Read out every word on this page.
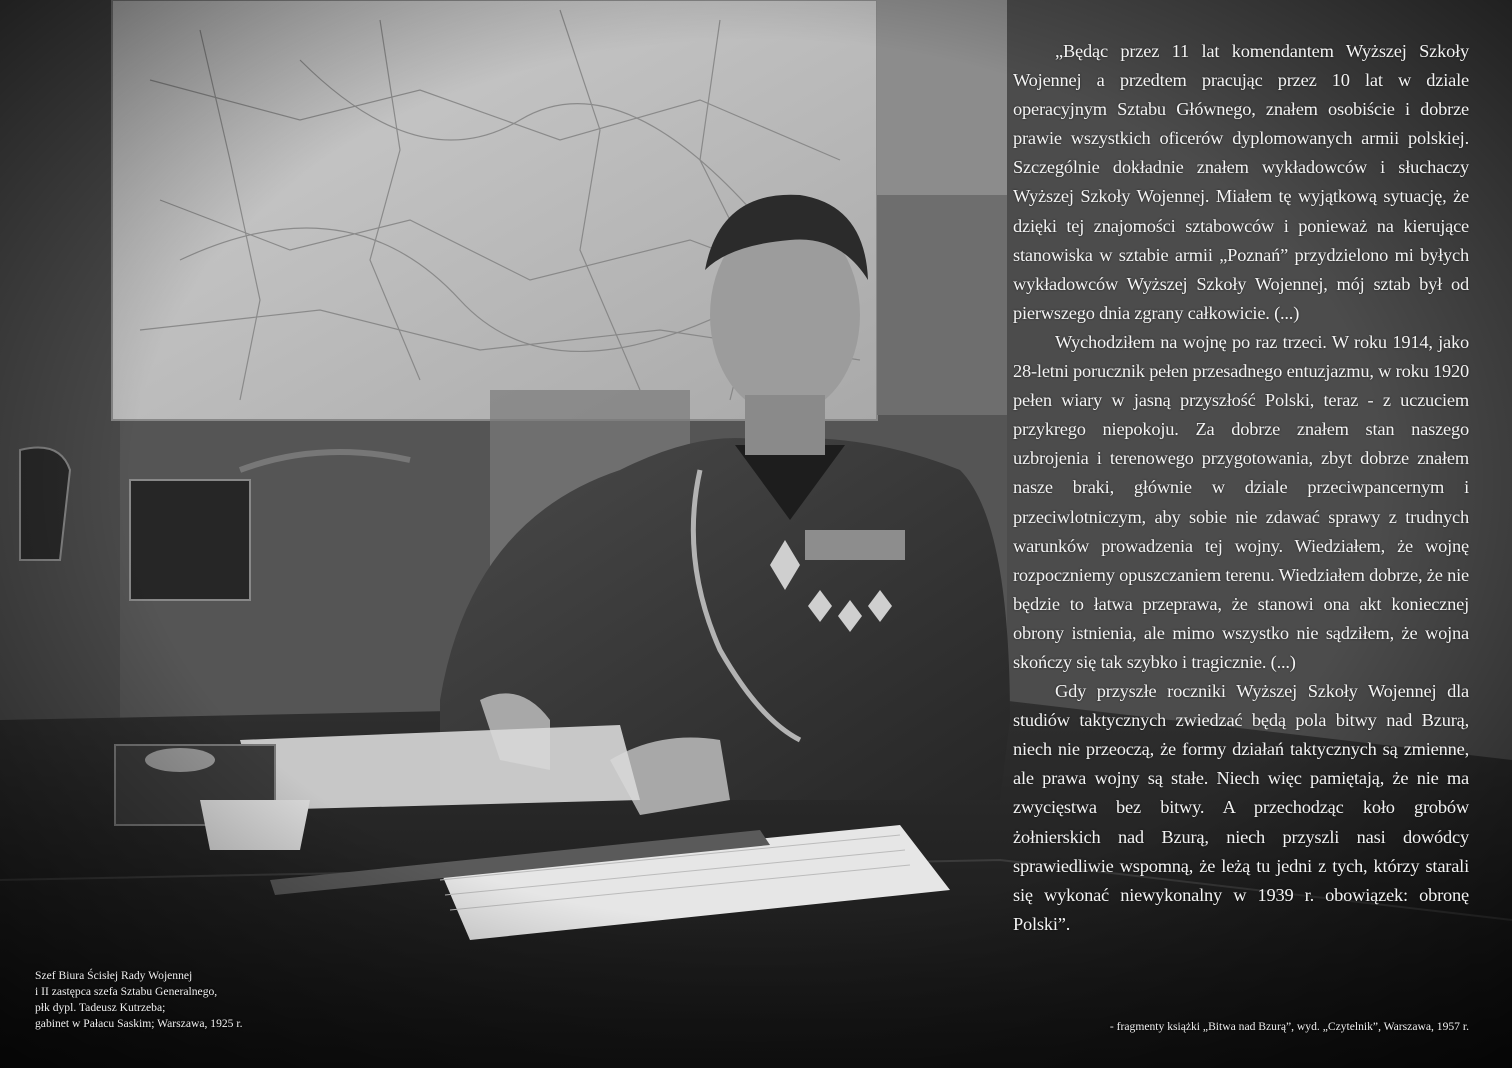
„Będąc przez 11 lat komendantem Wyższej Szkoły Wojennej a przedtem pracując przez 10 lat w dziale operacyjnym Sztabu Głównego, znałem osobiście i dobrze prawie wszystkich oficerów dyplomowanych armii polskiej. Szczególnie dokładnie znałem wykładowców i słuchaczy Wyższej Szkoły Wojennej. Miałem tę wyjątkową sytuację, że dzięki tej znajomości sztabowców i ponieważ na kierujące stanowiska w sztabie armii „Poznań” przydzielono mi byłych wykładowców Wyższej Szkoły Wojennej, mój sztab był od pierwszego dnia zgrany całkowicie. (...)

Wychodziłem na wojnę po raz trzeci. W roku 1914, jako 28-letni porucznik pełen przesadnego entuzjazmu, w roku 1920 pełen wiary w jasną przyszłość Polski, teraz - z uczuciem przykrego niepokoju. Za dobrze znałem stan naszego uzbrojenia i terenowego przygotowania, zbyt dobrze znałem nasze braki, głównie w dziale przeciwpancernym i przeciwlotniczym, aby sobie nie zdawać sprawy z trudnych warunków prowadzenia tej wojny. Wiedziałem, że wojnę rozpoczniemy opuszczaniem terenu. Wiedziałem dobrze, że nie będzie to łatwa przeprawa, że stanowi ona akt koniecznej obrony istnienia, ale mimo wszystko nie sądziłem, że wojna skończy się tak szybko i tragicznie. (...)

Gdy przyszłe roczniki Wyższej Szkoły Wojennej dla studiów taktycznych zwiedzać będą pola bitwy nad Bzurą, niech nie przeoczą, że formy działań taktycznych są zmienne, ale prawa wojny są stałe. Niech więc pamiętają, że nie ma zwycięstwa bez bitwy. A przechodząc koło grobów żołnierskich nad Bzurą, niech przyszli nasi dowódcy sprawiedliwie wspomną, że leżą tu jedni z tych, którzy starali się wykonać niewykonalny w 1939 r. obowiązek: obronę Polski”.

Szef Biura Ścisłej Rady Wojennej
i II zastępca szefa Sztabu Generalnego,
płk dypl. Tadeusz Kutrzeba;
gabinet w Pałacu Saskim; Warszawa, 1925 r.	- fragmenty książki „Bitwa nad Bzurą”, wyd. „Czytelnik”, Warszawa, 1957 r.
